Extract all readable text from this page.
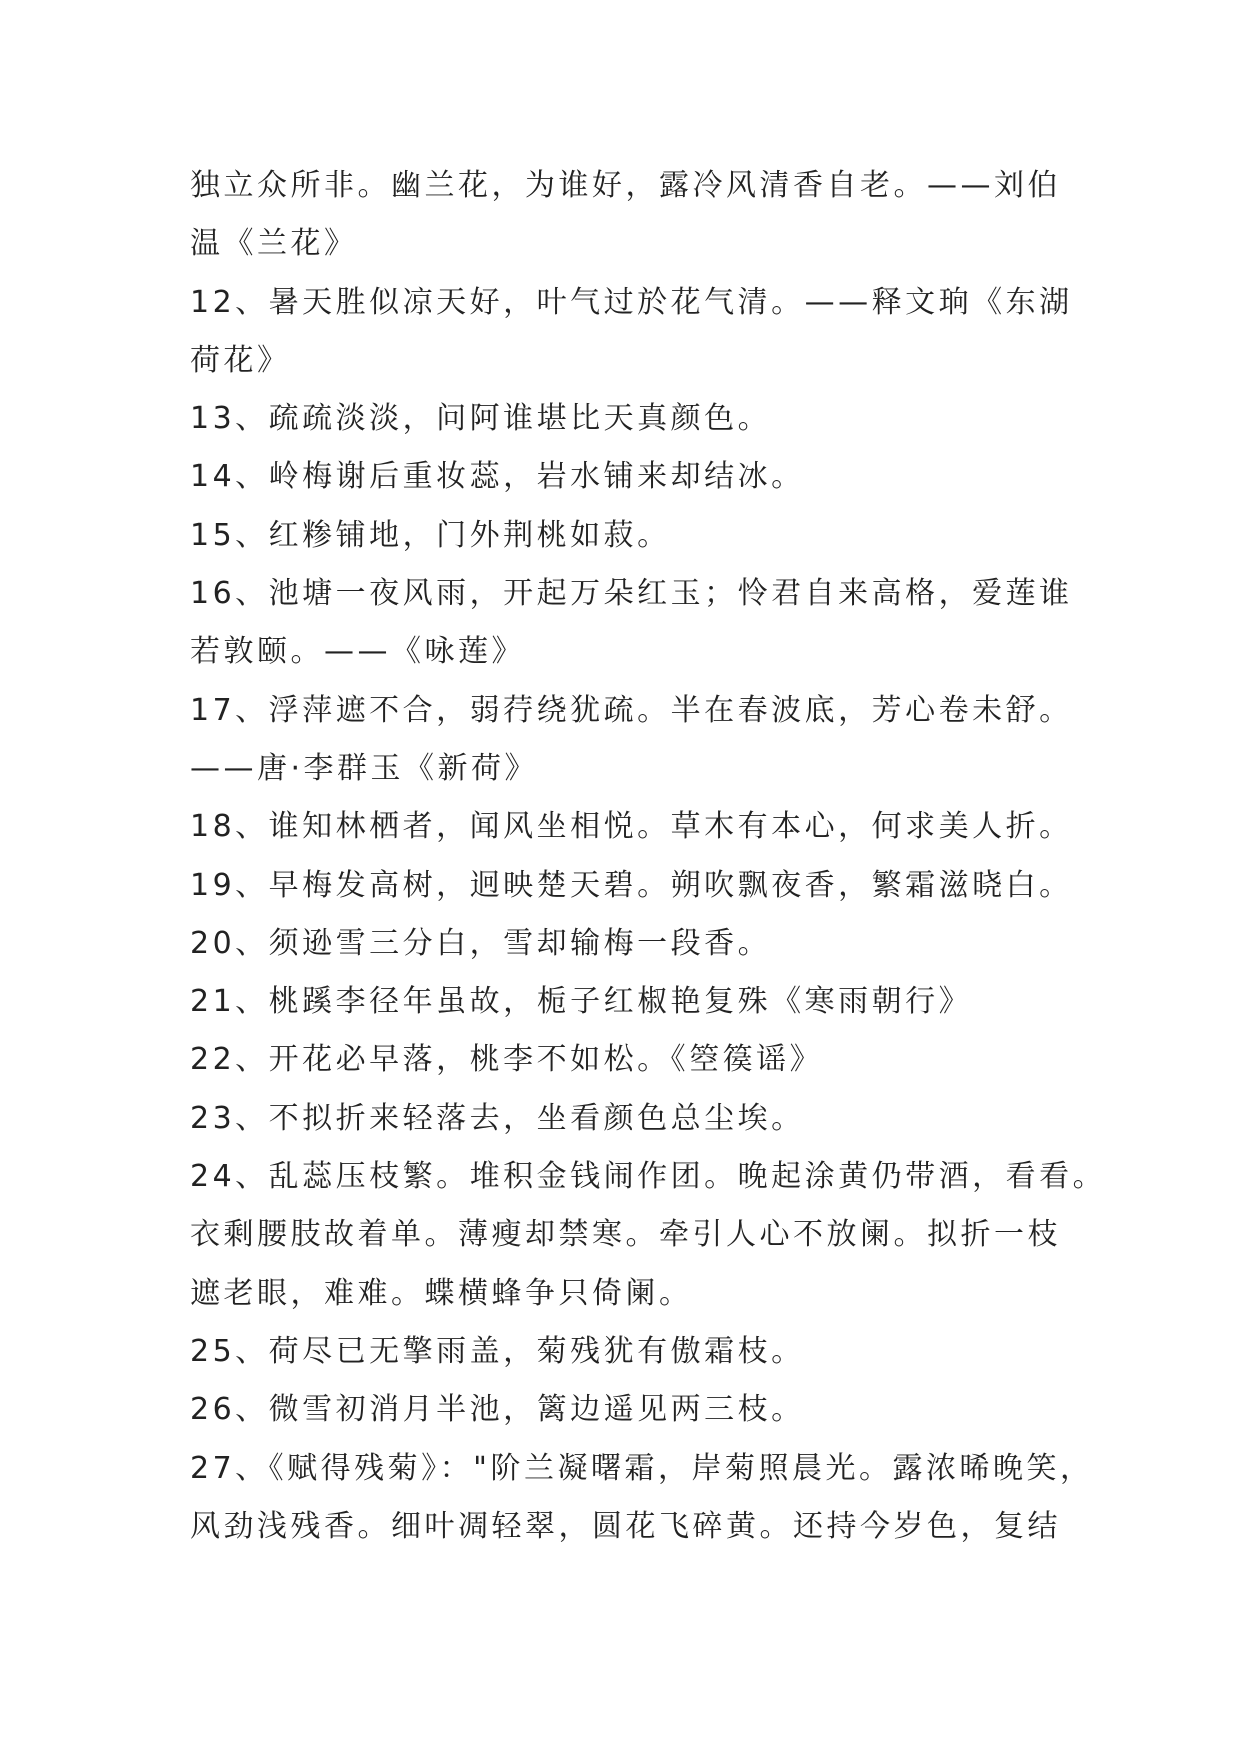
独立众所非。幽兰花，为谁好，露冷风清香自老。——刘伯
温《兰花》
12、暑天胜似凉天好，叶气过於花气清。——释文珦《东湖
荷花》
13、疏疏淡淡，问阿谁堪比天真颜色。
14、岭梅谢后重妆蕊，岩水铺来却结冰。
15、红糁铺地，门外荆桃如菽。
16、池塘一夜风雨，开起万朵红玉；怜君自来高格，爱莲谁
若敦颐。——《咏莲》
17、浮萍遮不合，弱荇绕犹疏。半在春波底，芳心卷未舒。
——唐·李群玉《新荷》
18、谁知林栖者，闻风坐相悦。草木有本心，何求美人折。
19、早梅发高树，迥映楚天碧。朔吹飘夜香，繁霜滋晓白。
20、须逊雪三分白，雪却输梅一段香。
21、桃蹊李径年虽故，栀子红椒艳复殊《寒雨朝行》
22、开花必早落，桃李不如松。《箜篌谣》
23、不拟折来轻落去，坐看颜色总尘埃。
24、乱蕊压枝繁。堆积金钱闹作团。晚起涂黄仍带酒，看看。
衣剩腰肢故着单。薄瘦却禁寒。牵引人心不放阑。拟折一枝
遮老眼，难难。蝶横蜂争只倚阑。
25、荷尽已无擎雨盖，菊残犹有傲霜枝。
26、微雪初消月半池，篱边遥见两三枝。
27、《赋得残菊》："阶兰凝曙霜，岸菊照晨光。露浓晞晚笑，
风劲浅残香。细叶凋轻翠，圆花飞碎黄。还持今岁色，复结
